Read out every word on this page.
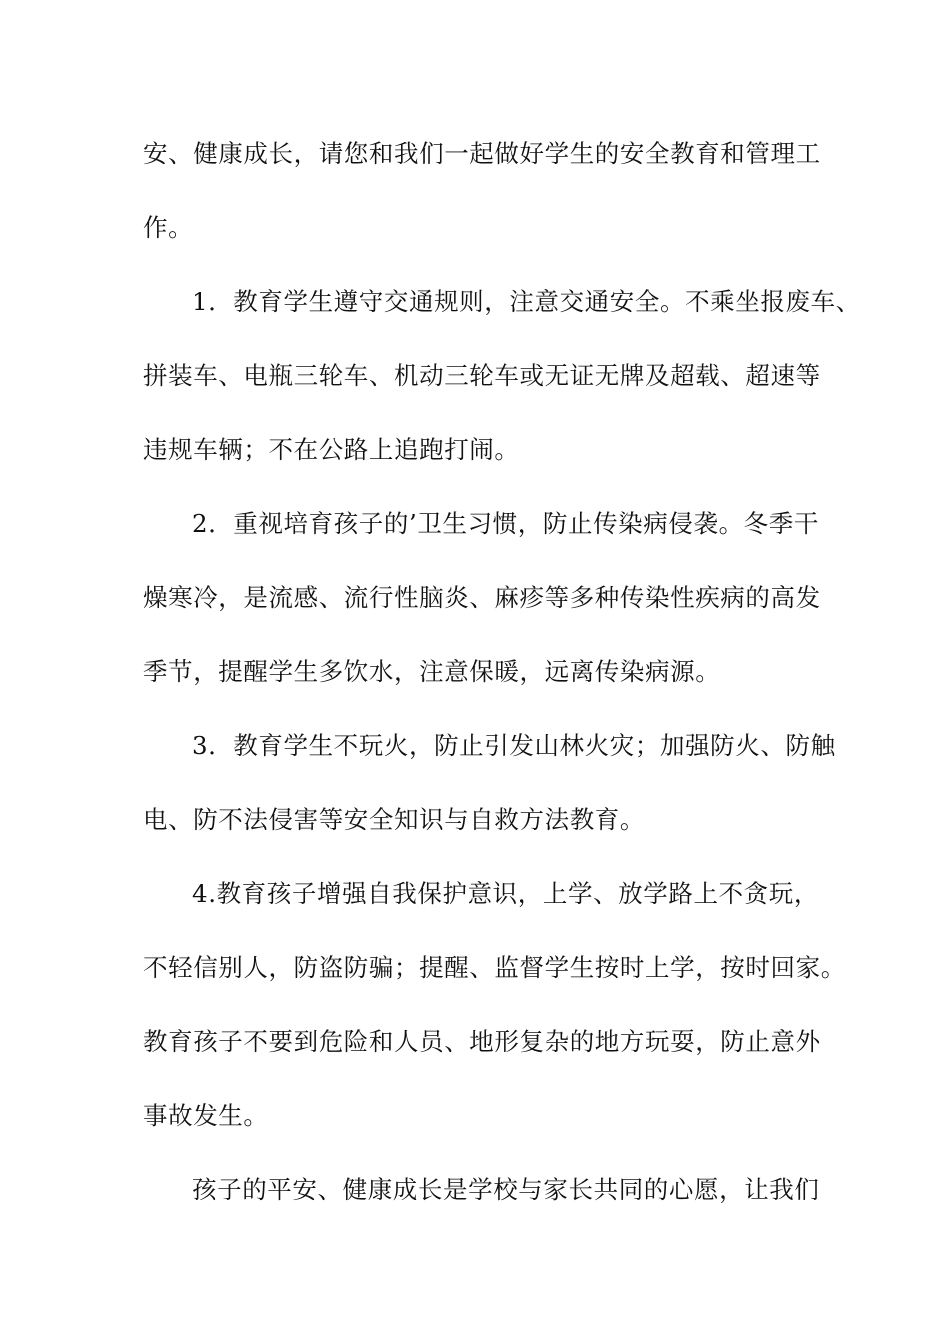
安、健康成长，请您和我们一起做好学生的安全教育和管理工
作。
1．教育学生遵守交通规则，注意交通安全。不乘坐报废车、
拼装车、电瓶三轮车、机动三轮车或无证无牌及超载、超速等
违规车辆；不在公路上追跑打闹。
2．重视培育孩子的’卫生习惯，防止传染病侵袭。冬季干
燥寒冷，是流感、流行性脑炎、麻疹等多种传染性疾病的高发
季节，提醒学生多饮水，注意保暖，远离传染病源。
3．教育学生不玩火，防止引发山林火灾；加强防火、防触
电、防不法侵害等安全知识与自救方法教育。
4.教育孩子增强自我保护意识，上学、放学路上不贪玩，
不轻信别人，防盗防骗；提醒、监督学生按时上学，按时回家。
教育孩子不要到危险和人员、地形复杂的地方玩耍，防止意外
事故发生。
孩子的平安、健康成长是学校与家长共同的心愿，让我们
